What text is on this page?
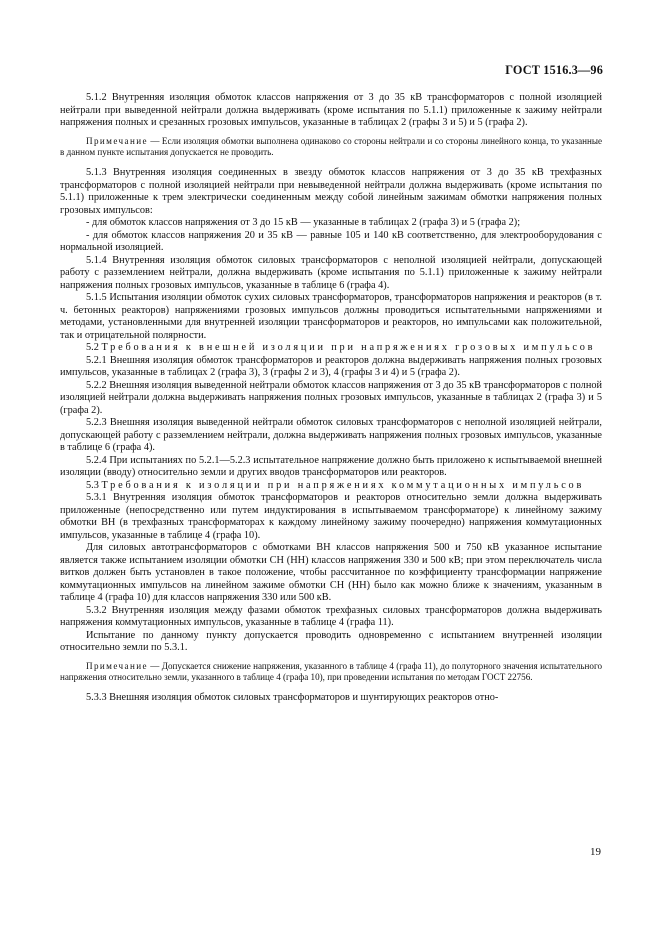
ГОСТ 1516.3—96

5.1.2 Внутренняя изоляция обмоток классов напряжения от 3 до 35 кВ трансформаторов с полной изоляцией нейтрали при выведенной нейтрали должна выдерживать (кроме испытания по 5.1.1) приложенные к зажиму нейтрали напряжения полных и срезанных грозовых импульсов, указанные в таблицах 2 (графы 3 и 5) и 5 (графа 2).

Примечание — Если изоляция обмотки выполнена одинаково со стороны нейтрали и со стороны линейного конца, то указанные в данном пункте испытания допускается не проводить.

5.1.3 Внутренняя изоляция соединенных в звезду обмоток классов напряжения от 3 до 35 кВ трехфазных трансформаторов с полной изоляцией нейтрали при невыведенной нейтрали должна выдерживать (кроме испытания по 5.1.1) приложенные к трем электрически соединенным между собой линейным зажимам обмотки напряжения полных грозовых импульсов:

- для обмоток классов напряжения от 3 до 15 кВ — указанные в таблицах 2 (графа 3) и 5 (графа 2);

- для обмоток классов напряжения 20 и 35 кВ — равные 105 и 140 кВ соответственно, для электрооборудования с нормальной изоляцией.

5.1.4 Внутренняя изоляция обмоток силовых трансформаторов с неполной изоляцией нейтрали, допускающей работу с разземлением нейтрали, должна выдерживать (кроме испытания по 5.1.1) приложенные к зажиму нейтрали напряжения полных грозовых импульсов, указанные в таблице 6 (графа 4).

5.1.5 Испытания изоляции обмоток сухих силовых трансформаторов, трансформаторов напряжения и реакторов (в т. ч. бетонных реакторов) напряжениями грозовых импульсов должны проводиться испытательными напряжениями и методами, установленными для внутренней изоляции трансформаторов и реакторов, но импульсами как положительной, так и отрицательной полярности.

5.2 Требования к внешней изоляции при напряжениях грозовых импульсов

5.2.1 Внешняя изоляция обмоток трансформаторов и реакторов должна выдерживать напряжения полных грозовых импульсов, указанные в таблицах 2 (графа 3), 3 (графы 2 и 3), 4 (графы 3 и 4) и 5 (графа 2).

5.2.2 Внешняя изоляция выведенной нейтрали обмоток классов напряжения от 3 до 35 кВ трансформаторов с полной изоляцией нейтрали должна выдерживать напряжения полных грозовых импульсов, указанные в таблицах 2 (графа 3) и 5 (графа 2).

5.2.3 Внешняя изоляция выведенной нейтрали обмоток силовых трансформаторов с неполной изоляцией нейтрали, допускающей работу с разземлением нейтрали, должна выдерживать напряжения полных грозовых импульсов, указанные в таблице 6 (графа 4).

5.2.4 При испытаниях по 5.2.1—5.2.3 испытательное напряжение должно быть приложено к испытываемой внешней изоляции (вводу) относительно земли и других вводов трансформаторов или реакторов.

5.3 Требования к изоляции при напряжениях коммутационных импульсов

5.3.1 Внутренняя изоляция обмоток трансформаторов и реакторов относительно земли должна выдерживать приложенные (непосредственно или путем индуктирования в испытываемом трансформаторе) к линейному зажиму обмотки ВН (в трехфазных трансформаторах к каждому линейному зажиму поочередно) напряжения коммутационных импульсов, указанные в таблице 4 (графа 10).

Для силовых автотрансформаторов с обмотками ВН классов напряжения 500 и 750 кВ указанное испытание является также испытанием изоляции обмотки СН (НН) классов напряжения 330 и 500 кВ; при этом переключатель числа витков должен быть установлен в такое положение, чтобы рассчитанное по коэффициенту трансформации напряжение коммутационных импульсов на линейном зажиме обмотки СН (НН) было как можно ближе к значениям, указанным в таблице 4 (графа 10) для классов напряжения 330 или 500 кВ.

5.3.2 Внутренняя изоляция между фазами обмоток трехфазных силовых трансформаторов должна выдерживать напряжения коммутационных импульсов, указанные в таблице 4 (графа 11).

Испытание по данному пункту допускается проводить одновременно с испытанием внутренней изоляции относительно земли по 5.3.1.

Примечание — Допускается снижение напряжения, указанного в таблице 4 (графа 11), до полуторного значения испытательного напряжения относительно земли, указанного в таблице 4 (графа 10), при проведении испытания по методам ГОСТ 22756.

5.3.3 Внешняя изоляция обмоток силовых трансформаторов и шунтирующих реакторов отно-

19
